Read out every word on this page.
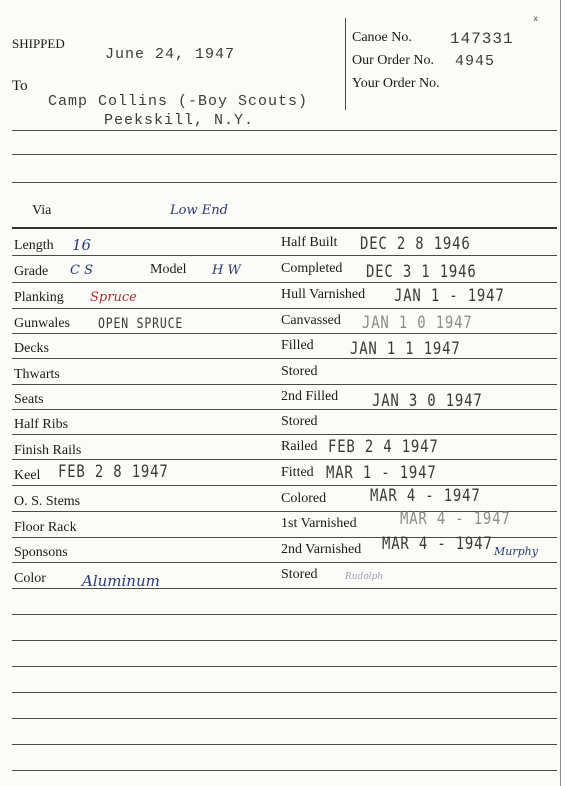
SHIPPED
June 24, 1947
To
Camp Collins (-Boy Scouts)
Peekskill, N.Y.
Canoe No. 147331
ˣ
Our Order No. 4945
Your Order No.
Via	Low End
Length 16
Grade C S	Model H W
Planking Spruce
Gunwales OPEN SPRUCE
Decks
Thwarts
Seats
Half Ribs
Finish Rails
Keel FEB 2 8 1947
O. S. Stems
Floor Rack
Sponsons
Color Aluminum
Half Built DEC 2 8 1946
Completed DEC 3 1 1946
Hull Varnished JAN 1 - 1947
Canvassed JAN 1 0 1947
Filled JAN 1 1 1947
Stored
2nd Filled JAN 3 0 1947
Stored
Railed FEB 2 4 1947
Fitted MAR 1 - 1947
Colored	MAR 4 - 1947
1st Varnished	MAR 4 - 1947
2nd Varnished MAR 4 - 1947 Murphy
Stored	Rudolph
